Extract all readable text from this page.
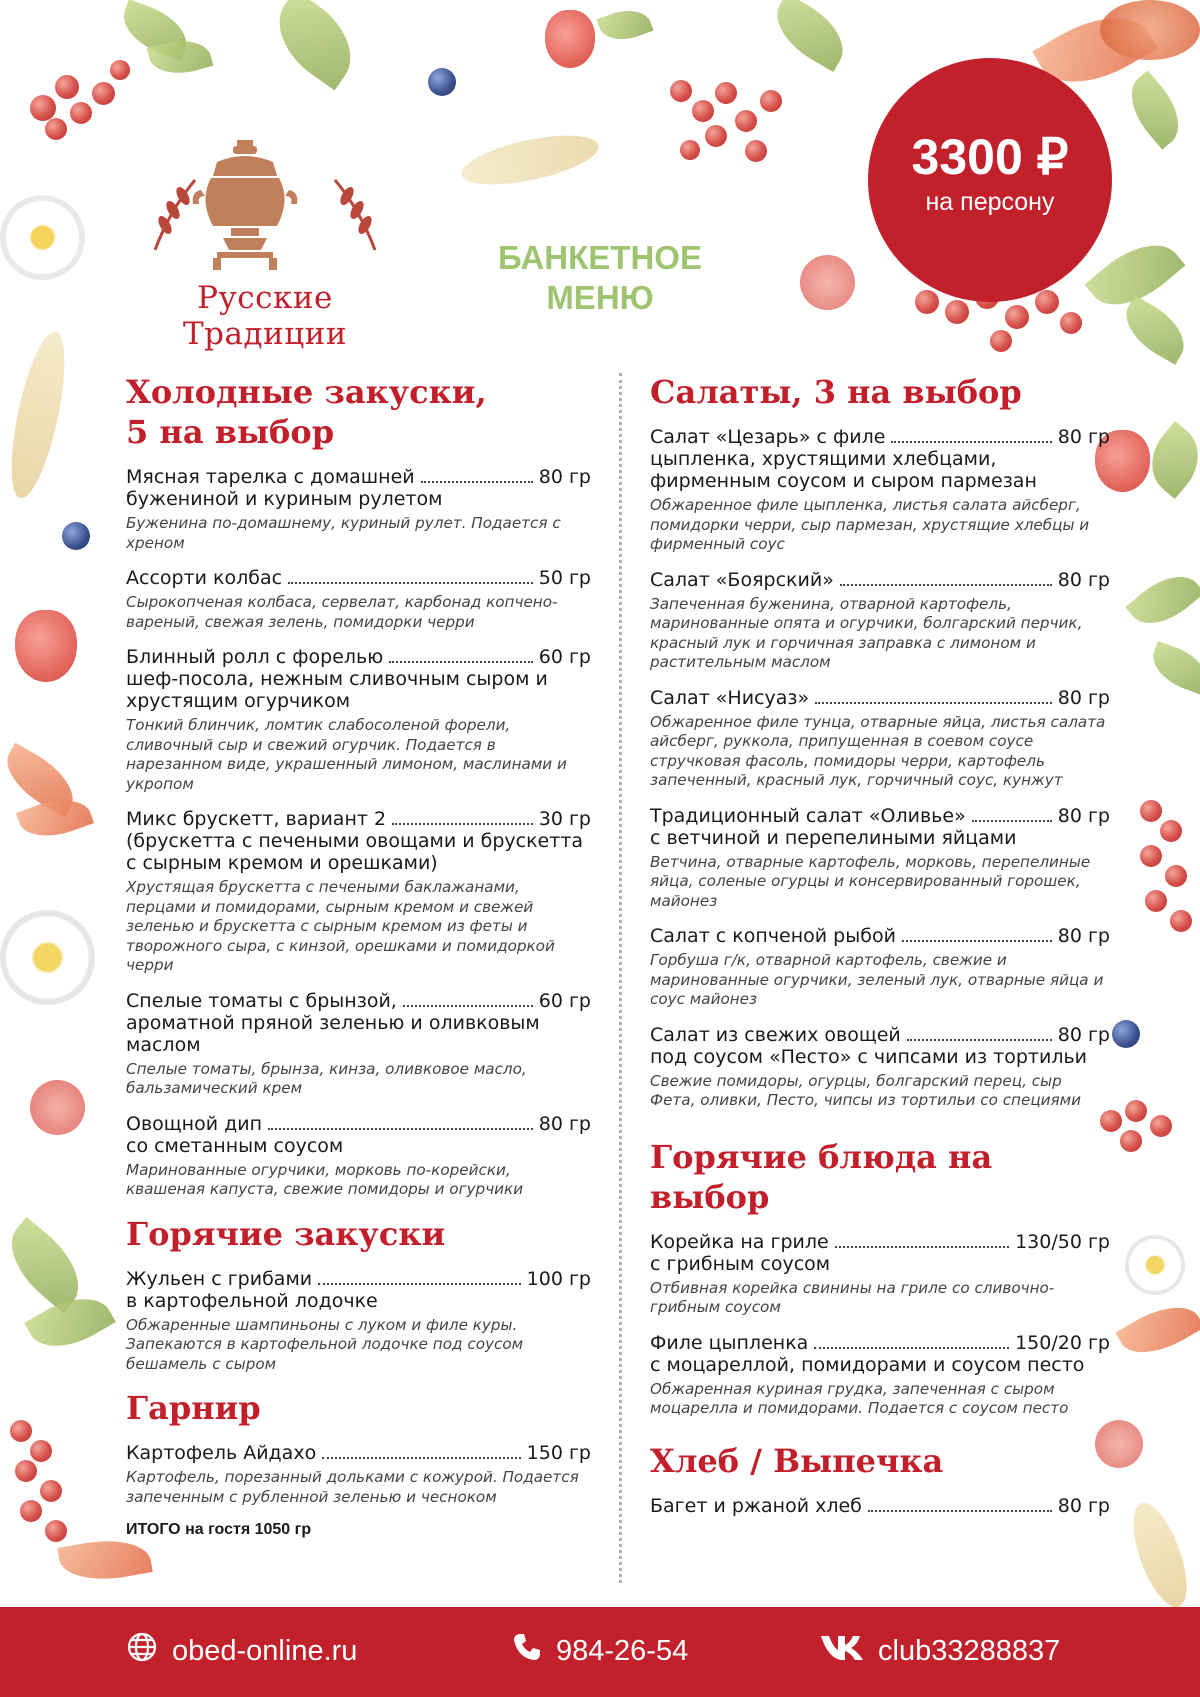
Русские Традиции
БАНКЕТНОЕ
МЕНЮ
3300 ₽
на персону
Холодные закуски,
5 на выбор
Мясная тарелка с домашней	80 гр
бужениной и куриным рулетом
Буженина по-домашнему, куриный рулет. Подается с хреном
Ассорти колбас	50 гр
Сырокопченая колбаса, сервелат, карбонад копчено-вареный, свежая зелень, помидорки черри
Блинный ролл с форелью	60 гр
шеф-посола, нежным сливочным сыром и хрустящим огурчиком
Тонкий блинчик, ломтик слабосоленой форели, сливочный сыр и свежий огурчик. Подается в нарезанном виде, украшенный лимоном, маслинами и укропом
Микс брускетт, вариант 2	30 гр
(брускетта с печеными овощами и брускетта с сырным кремом и орешками)
Хрустящая брускетта с печеными баклажанами, перцами и помидорами, сырным кремом и свежей зеленью и брускетта с сырным кремом из феты и творожного сыра, с кинзой, орешками и помидоркой черри
Спелые томаты с брынзой,	60 гр
ароматной пряной зеленью и оливковым маслом
Спелые томаты, брынза, кинза, оливковое масло, бальзамический крем
Овощной дип	80 гр
со сметанным соусом
Маринованные огурчики, морковь по-корейски, квашеная капуста, свежие помидоры и огурчики
Горячие закуски
Жульен с грибами	100 гр
в картофельной лодочке
Обжаренные шампиньоны с луком и филе куры. Запекаются в картофельной лодочке под соусом бешамель с сыром
Гарнир
Картофель Айдахо	150 гр
Картофель, порезанный дольками с кожурой. Подается запеченным с рубленной зеленью и чесноком
ИТОГО на гостя 1050 гр
Салаты, 3 на выбор
Салат «Цезарь» с филе	80 гр
цыпленка, хрустящими хлебцами, фирменным соусом и сыром пармезан
Обжаренное филе цыпленка, листья салата айсберг, помидорки черри, сыр пармезан, хрустящие хлебцы и фирменный соус
Салат «Боярский»	80 гр
Запеченная буженина, отварной картофель, маринованные опята и огурчики, болгарский перчик, красный лук и горчичная заправка с лимоном и растительным маслом
Салат «Нисуаз»	80 гр
Обжаренное филе тунца, отварные яйца, листья салата айсберг, руккола, припущенная в соевом соусе стручковая фасоль, помидоры черри, картофель запеченный, красный лук, горчичный соус, кунжут
Традиционный салат «Оливье»	80 гр
с ветчиной и перепелиными яйцами
Ветчина, отварные картофель, морковь, перепелиные яйца, соленые огурцы и консервированный горошек, майонез
Салат с копченой рыбой	80 гр
Горбуша г/к, отварной картофель, свежие и маринованные огурчики, зеленый лук, отварные яйца и соус майонез
Салат из свежих овощей	80 гр
под соусом «Песто» с чипсами из тортильи
Свежие помидоры, огурцы, болгарский перец, сыр Фета, оливки, Песто, чипсы из тортильи со специями
Горячие блюда на выбор
Корейка на гриле	130/50 гр
с грибным соусом
Отбивная корейка свинины на гриле со сливочно-грибным соусом
Филе цыпленка	150/20 гр
с моцареллой, помидорами и соусом песто
Обжаренная куриная грудка, запеченная с сыром моцарелла и помидорами. Подается с соусом песто
Хлеб / Выпечка
Багет и ржаной хлеб	80 гр
obed-online.ru	984-26-54	club33288837
